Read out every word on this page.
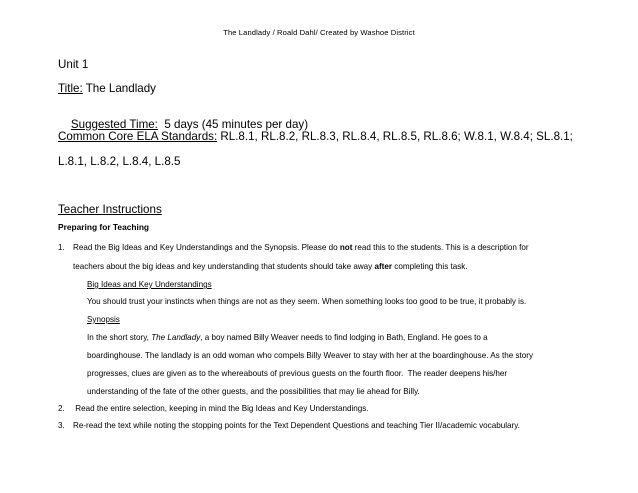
The Landlady / Roald Dahl/ Created by Washoe District
Unit 1
Title: The Landlady

Suggested Time:  5 days (45 minutes per day)

Common Core ELA Standards: RL.8.1, RL.8.2, RL.8.3, RL.8.4, RL.8.5, RL.8.6; W.8.1, W.8.4; SL.8.1;
L.8.1, L.8.2, L.8.4, L.8.5
Teacher Instructions
Preparing for Teaching
1. Read the Big Ideas and Key Understandings and the Synopsis. Please do not read this to the students. This is a description for
teachers about the big ideas and key understanding that students should take away after completing this task.
Big Ideas and Key Understandings
You should trust your instincts when things are not as they seem. When something looks too good to be true, it probably is.
Synopsis
In the short story, The Landlady, a boy named Billy Weaver needs to find lodging in Bath, England. He goes to a
boardinghouse. The landlady is an odd woman who compels Billy Weaver to stay with her at the boardinghouse. As the story
progresses, clues are given as to the whereabouts of previous guests on the fourth floor.  The reader deepens his/her
understanding of the fate of the other guests, and the possibilities that may lie ahead for Billy.
2. Read the entire selection, keeping in mind the Big Ideas and Key Understandings.
3. Re-read the text while noting the stopping points for the Text Dependent Questions and teaching Tier II/academic vocabulary.
